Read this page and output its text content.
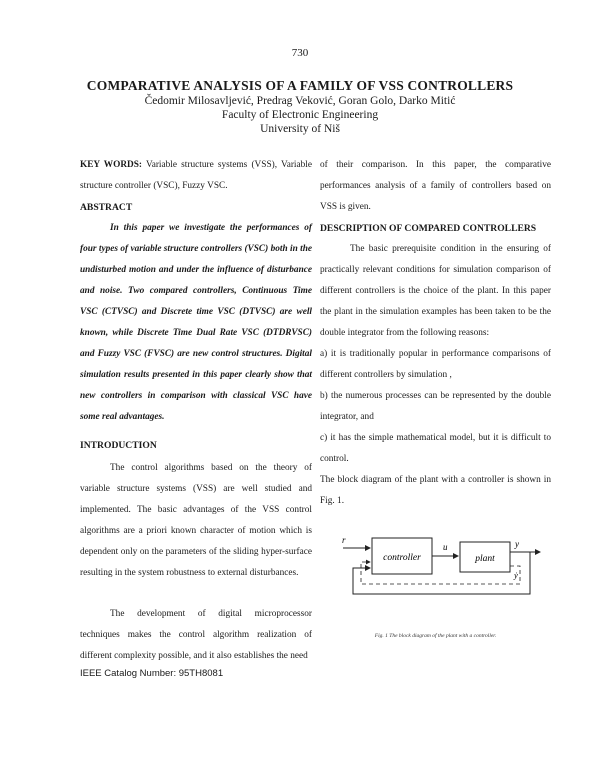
730
COMPARATIVE ANALYSIS OF A FAMILY OF VSS CONTROLLERS
Čedomir Milosavljević, Predrag Veković, Goran Golo, Darko Mitić
Faculty of Electronic Engineering
University of Niš

KEY WORDS: Variable structure systems (VSS), Variable structure controller (VSC), Fuzzy VSC.

ABSTRACT

In this paper we investigate the performances of four types of variable structure controllers (VSC) both in the undisturbed motion and under the influence of disturbance and noise. Two compared controllers, Continuous Time VSC (CTVSC) and Discrete time VSC (DTVSC) are well known, while Discrete Time Dual Rate VSC (DTDRVSC) and Fuzzy VSC (FVSC) are new control structures. Digital simulation results presented in this paper clearly show that new controllers in comparison with classical VSC have some real advantages.

INTRODUCTION

The control algorithms based on the theory of variable structure systems (VSS) are well studied and implemented. The basic advantages of the VSS control algorithms are a priori known character of motion which is dependent only on the parameters of the sliding hyper-surface resulting in the system robustness to external disturbances.

The development of digital microprocessor techniques makes the control algorithm realization of different complexity possible, and it also establishes the need

IEEE Catalog Number: 95TH8081

of their comparison. In this paper, the comparative performances analysis of a family of controllers based on VSS is given.

DESCRIPTION OF COMPARED CONTROLLERS

The basic prerequisite condition in the ensuring of practically relevant conditions for simulation comparison of different controllers is the choice of the plant. In this paper the plant in the simulation examples has been taken to be the double integrator from the following reasons:

a) it is traditionally popular in performance comparisons of different controllers by simulation ,

b) the numerous processes can be represented by the double integrator, and

c) it has the simple mathematical model, but it is difficult to control.

The block diagram of the plant with a controller is shown in Fig. 1.

r
controller
u
plant
y
ẏ
Fig. 1 The block diagram of the plant with a controller.
